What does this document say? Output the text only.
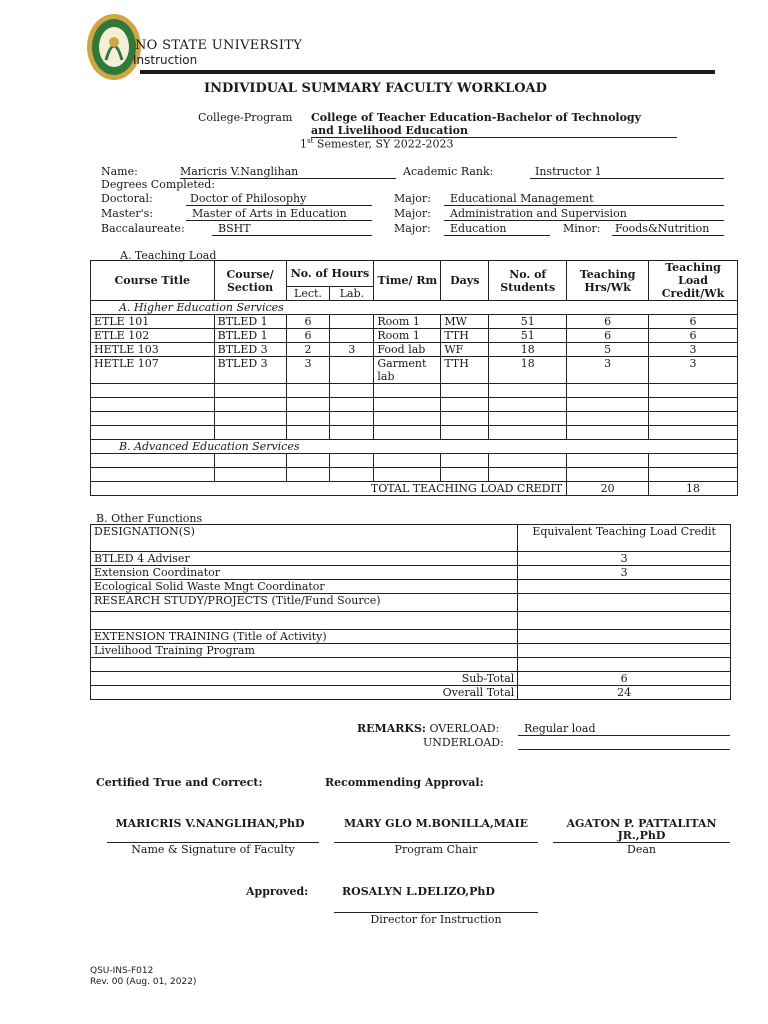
NO STATE UNIVERSITY
Instruction
INDIVIDUAL SUMMARY FACULTY WORKLOAD
College-Program College of Teacher Education-Bachelor of Technology
and Livelihood Education
1st Semester, SY 2022-2023
Name:	Maricris V.Nanglihan	Academic Rank:	Instructor 1
Degrees Completed:
Doctoral:	Doctor of Philosophy	Major:	Educational Management
Master's:	Master of Arts in Education	Major:	Administration and Supervision
Baccalaureate:	BSHT	Major:	Education	Minor: Foods&Nutrition
A. Teaching Load
Course Title	Course/ Section	No. of Hours		Time/ Rm	Days	No. of Students	Teaching Hrs/Wk	Teaching Load Credit/Wk
		Lect.	Lab.					
A. Higher Education Services								
ETLE 101	BTLED 1	6		Room 1	MW	51	6	6
ETLE 102	BTLED 1	6		Room 1	TTH	51	6	6
HETLE 103	BTLED 3	2	3	Food lab	WF	18	5	3
HETLE 107	BTLED 3	3		Garment lab	TTH	18	3	3

B. Advanced Education Services								

TOTAL TEACHING LOAD CREDIT							20	18
B. Other Functions
DESIGNATION(S)	Equivalent Teaching Load Credit
BTLED 4 Adviser	3
Extension Coordinator	3
Ecological Solid Waste Mngt Coordinator	
RESEARCH STUDY/PROJECTS (Title/Fund Source)	

EXTENSION TRAINING (Title of Activity)	
Livelihood Training Program	

Sub-Total	6
Overall Total	24
REMARKS: OVERLOAD:	Regular load
UNDERLOAD:
Certified True and Correct:	Recommending Approval:
MARICRIS V.NANGLIHAN,PhD
Name & Signature of Faculty
MARY GLO M.BONILLA,MAIE
Program Chair
AGATON P. PATTALITAN
JR.,PhD
Dean
Approved:	ROSALYN L.DELIZO,PhD
Director for Instruction
QSU-INS-F012
Rev. 00 (Aug. 01, 2022)
